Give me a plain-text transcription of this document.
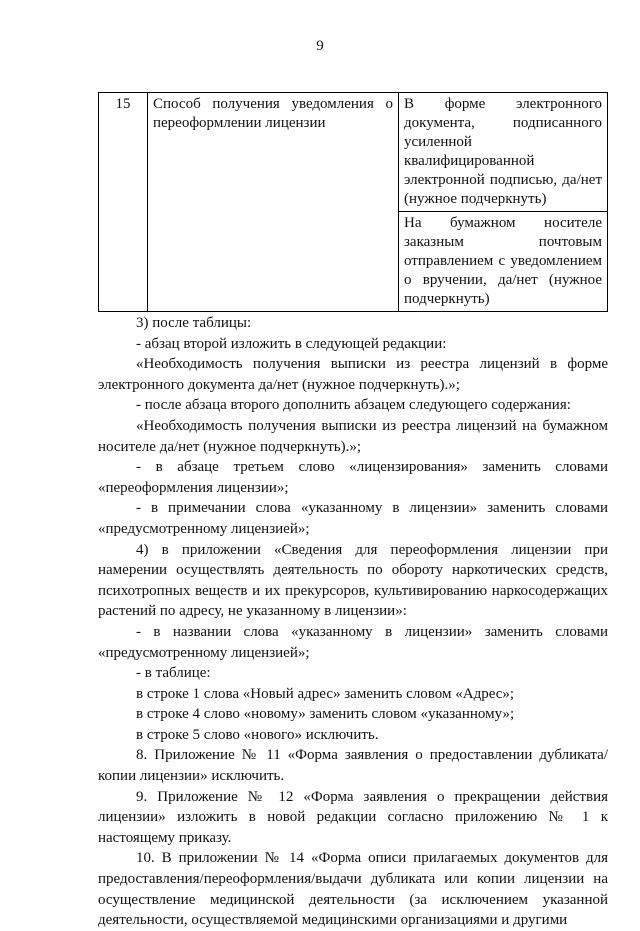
9
15	Способ получения уведомления о переоформлении лицензии	В форме электронного документа, подписанного усиленной квалифицированной электронной подписью, да/нет (нужное подчеркнуть)
На бумажном носителе заказным почтовым отправлением с уведомлением о вручении, да/нет (нужное подчеркнуть)

3) после таблицы:

- абзац второй изложить в следующей редакции:

«Необходимость получения выписки из реестра лицензий в форме электронного документа да/нет (нужное подчеркнуть).»;

- после абзаца второго дополнить абзацем следующего содержания:

«Необходимость получения выписки из реестра лицензий на бумажном носителе да/нет (нужное подчеркнуть).»;

- в абзаце третьем слово «лицензирования» заменить словами «переоформления лицензии»;

- в примечании слова «указанному в лицензии» заменить словами «предусмотренному лицензией»;

4) в приложении «Сведения для переоформления лицензии при намерении осуществлять деятельность по обороту наркотических средств, психотропных веществ и их прекурсоров, культивированию наркосодержащих растений по адресу, не указанному в лицензии»:

- в названии слова «указанному в лицензии» заменить словами «предусмотренному лицензией»;

- в таблице:

в строке 1 слова «Новый адрес» заменить словом «Адрес»;

в строке 4 слово «новому» заменить словом «указанному»;

в строке 5 слово «нового» исключить.

8. Приложение № 11 «Форма заявления о предоставлении дубликата/копии лицензии» исключить.

9. Приложение № 12 «Форма заявления о прекращении действия лицензии» изложить в новой редакции согласно приложению № 1 к настоящему приказу.

10. В приложении № 14 «Форма описи прилагаемых документов для предоставления/переоформления/выдачи дубликата или копии лицензии на осуществление медицинской деятельности (за исключением указанной деятельности, осуществляемой медицинскими организациями и другими
